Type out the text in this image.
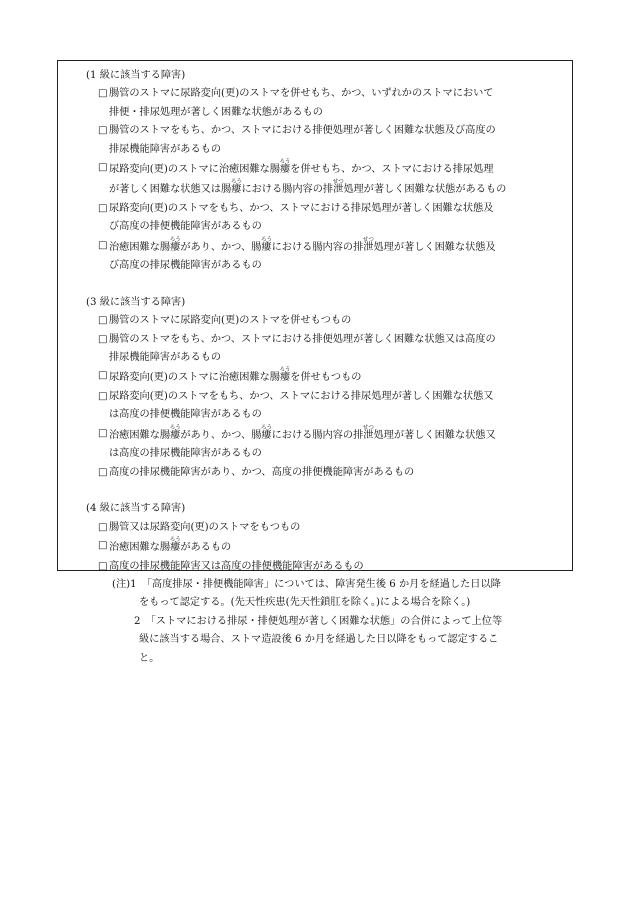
(1 級に該当する障害)
□ 腸管のストマに尿路変向(更)のストマを併せもち、かつ、いずれかのストマにおいて
排便・排尿処理が著しく困難な状態があるもの
□ 腸管のストマをもち、かつ、ストマにおける排便処理が著しく困難な状態及び高度の
排尿機能障害があるもの
□ 尿路変向(更)のストマに治癒困難な腸瘻ろうを併せもち、かつ、ストマにおける排尿処理
が著しく困難な状態又は腸瘻ろうにおける腸内容の排泄せつ処理が著しく困難な状態があるもの
□ 尿路変向(更)のストマをもち、かつ、ストマにおける排尿処理が著しく困難な状態及
び高度の排便機能障害があるもの
□ 治癒困難な腸瘻ろうがあり、かつ、腸瘻ろうにおける腸内容の排泄せつ処理が著しく困難な状態及
び高度の排尿機能障害があるもの
(3 級に該当する障害)
□ 腸管のストマに尿路変向(更)のストマを併せもつもの
□ 腸管のストマをもち、かつ、ストマにおける排便処理が著しく困難な状態又は高度の
排尿機能障害があるもの
□ 尿路変向(更)のストマに治癒困難な腸瘻ろうを併せもつもの
□ 尿路変向(更)のストマをもち、かつ、ストマにおける排尿処理が著しく困難な状態又
は高度の排便機能障害があるもの
□ 治癒困難な腸瘻ろうがあり、かつ、腸瘻ろうにおける腸内容の排泄せつ処理が著しく困難な状態又
は高度の排尿機能障害があるもの
□ 高度の排尿機能障害があり、かつ、高度の排便機能障害があるもの
(4 級に該当する障害)
□ 腸管又は尿路変向(更)のストマをもつもの
□ 治癒困難な腸瘻ろうがあるもの
□ 高度の排尿機能障害又は高度の排便機能障害があるもの
(注)1　「高度排尿・排便機能障害」については、障害発生後 6 か月を経過した日以降
をもって認定する。(先天性疾患(先天性鎖肛を除く。)による場合を除く。)
2　「ストマにおける排尿・排便処理が著しく困難な状態」の合併によって上位等
級に該当する場合、ストマ造設後 6 か月を経過した日以降をもって認定するこ
と。
